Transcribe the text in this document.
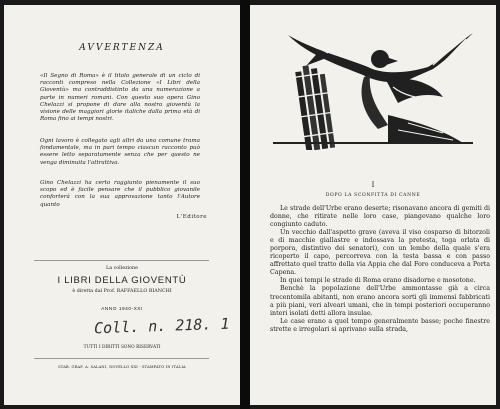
AVVERTENZA

«Il Segno di Roma» è il titolo generale di un ciclo di racconti compreso nella Collezione «I Libri della Gioventù» ma contraddistinto da una numerazione a parte in numeri romani. Con questo suo opera Gino Chelazzi si propone di dare alla nostra gioventù la visione delle maggiori glorie italiche dalla prima età di Roma fino ai tempi nostri.

Ogni lavoro è collegato agli altri da una comune trama fondamentale, ma in pari tempo ciascun racconto può essere letto separatamente senza che per questo ne venga diminuita l'attrattiva.

Gino Chelazzi ha certo raggiunto pienamente il suo scopo ed è facile pensare che il pubblico giovanile conforterà con la sua approvazione tanto l'Autore quanto

L'Editore
La collezione
I LIBRI DELLA GIOVENTÙ
è diretta dal Prof. RAFFAELLO BIANCHI
ANNO 1940-XXI
Coll. n. 218. 1
TUTTI I DIRITTI SONO RISERVATI
STAB. GRAF. A. SALANI, NOVELLO XXI - STAMPATO IN ITALIA
I
DOPO LA SCONFITTA DI CANNE

Le strade dell'Urbe erano deserte; risonavano ancora di gemiti di donne, che ritirate nelle loro case, piangevano qualche loro congiunto caduto.

Un vecchio dall'aspetto grave (aveva il viso cosparso di bitorzoli e di macchie giallastre e indossava la pretesta, toga orlata di porpora, distintivo dei senatori), con un lembo della quale s'era ricoperto il capo, percorreva con la testa bassa e con passo affrettato quel tratto della via Appia che dal Foro conduceva a Porta Capena.

In quei tempi le strade di Roma erano disadorne e mosotone.

Benchè la popolazione dell'Urbe ammontasse già a circa trecentomila abitanti, non erano ancora sorti gli immensi fabbricati a più piani, veri alveari umani, che in tempi posteriori occuperanno interi isolati detti allora insulae.

Le case erano a quel tempo generalmente basse; poche finestre strette e irregolari si aprivano sulla strada,
